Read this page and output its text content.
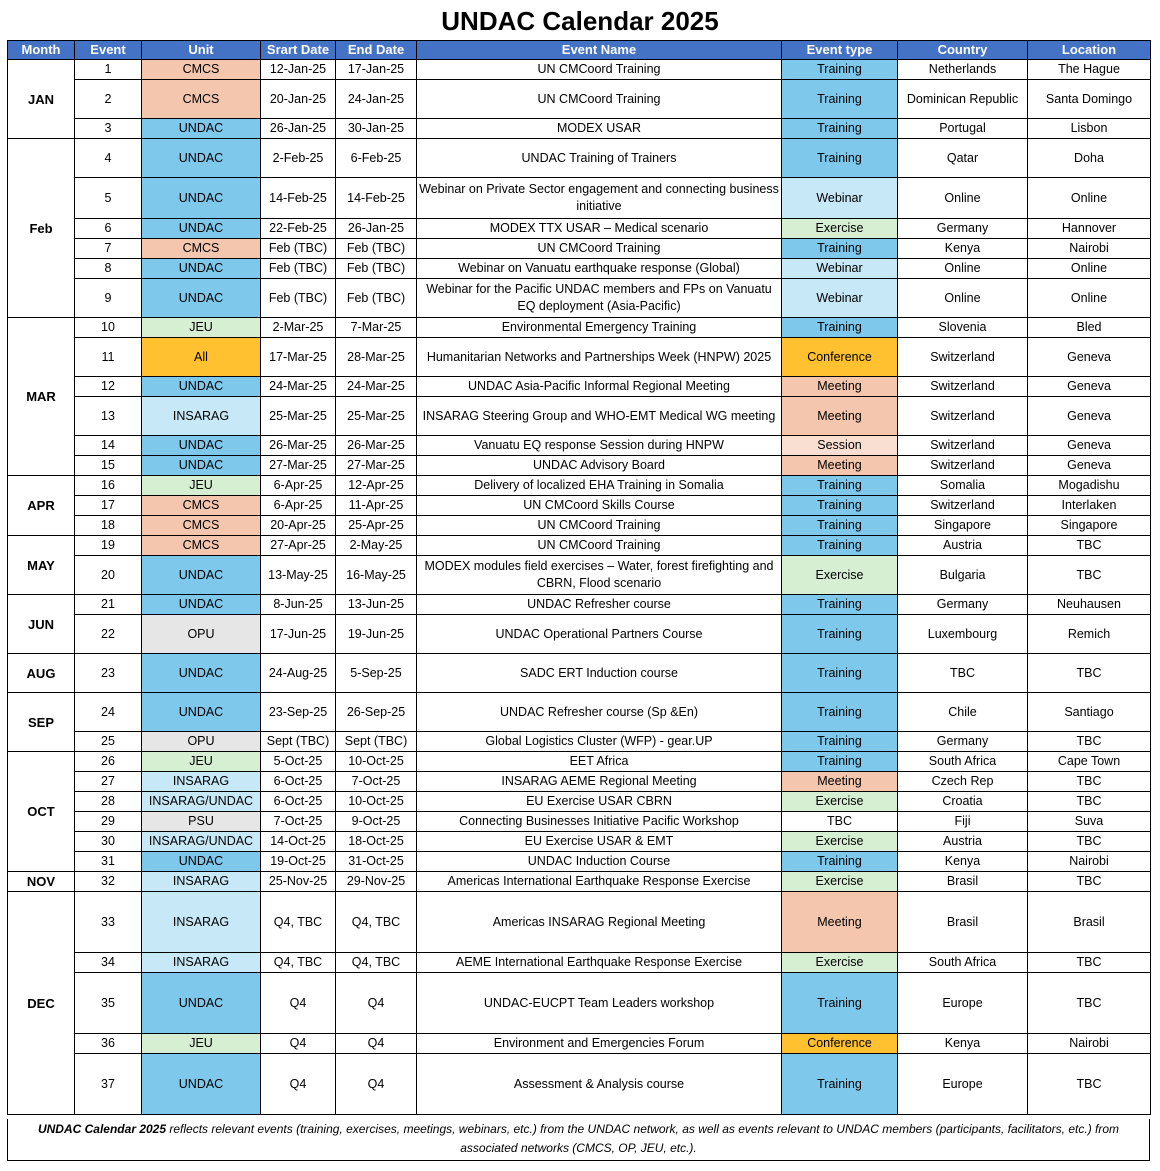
UNDAC Calendar 2025
Month	Event	Unit	Srart Date	End Date	Event Name	Event type	Country	Location
JAN	1	CMCS	12-Jan-25	17-Jan-25	UN CMCoord Training	Training	Netherlands	The Hague
	2	CMCS	20-Jan-25	24-Jan-25	UN CMCoord Training	Training	Dominican Republic	Santa Domingo
	3	UNDAC	26-Jan-25	30-Jan-25	MODEX USAR	Training	Portugal	Lisbon
Feb	4	UNDAC	2-Feb-25	6-Feb-25	UNDAC Training of Trainers	Training	Qatar	Doha
	5	UNDAC	14-Feb-25	14-Feb-25	Webinar on Private Sector engagement and connecting business initiative	Webinar	Online	Online
	6	UNDAC	22-Feb-25	26-Jan-25	MODEX TTX USAR – Medical scenario	Exercise	Germany	Hannover
	7	CMCS	Feb (TBC)	Feb (TBC)	UN CMCoord Training	Training	Kenya	Nairobi
	8	UNDAC	Feb (TBC)	Feb (TBC)	Webinar on Vanuatu earthquake response (Global)	Webinar	Online	Online
	9	UNDAC	Feb (TBC)	Feb (TBC)	Webinar for the Pacific UNDAC members and FPs on Vanuatu EQ deployment (Asia-Pacific)	Webinar	Online	Online
MAR	10	JEU	2-Mar-25	7-Mar-25	Environmental Emergency Training	Training	Slovenia	Bled
	11	All	17-Mar-25	28-Mar-25	Humanitarian Networks and Partnerships Week (HNPW) 2025	Conference	Switzerland	Geneva
	12	UNDAC	24-Mar-25	24-Mar-25	UNDAC Asia-Pacific Informal Regional Meeting	Meeting	Switzerland	Geneva
	13	INSARAG	25-Mar-25	25-Mar-25	INSARAG Steering Group and WHO-EMT Medical WG meeting	Meeting	Switzerland	Geneva
	14	UNDAC	26-Mar-25	26-Mar-25	Vanuatu EQ response Session during HNPW	Session	Switzerland	Geneva
	15	UNDAC	27-Mar-25	27-Mar-25	UNDAC Advisory Board	Meeting	Switzerland	Geneva
APR	16	JEU	6-Apr-25	12-Apr-25	Delivery of localized EHA Training in Somalia	Training	Somalia	Mogadishu
	17	CMCS	6-Apr-25	11-Apr-25	UN CMCoord Skills Course	Training	Switzerland	Interlaken
	18	CMCS	20-Apr-25	25-Apr-25	UN CMCoord Training	Training	Singapore	Singapore
MAY	19	CMCS	27-Apr-25	2-May-25	UN CMCoord Training	Training	Austria	TBC
	20	UNDAC	13-May-25	16-May-25	MODEX modules field exercises – Water, forest firefighting and CBRN, Flood scenario	Exercise	Bulgaria	TBC
JUN	21	UNDAC	8-Jun-25	13-Jun-25	UNDAC Refresher course	Training	Germany	Neuhausen
	22	OPU	17-Jun-25	19-Jun-25	UNDAC Operational Partners Course	Training	Luxembourg	Remich
AUG	23	UNDAC	24-Aug-25	5-Sep-25	SADC ERT Induction course	Training	TBC	TBC
SEP	24	UNDAC	23-Sep-25	26-Sep-25	UNDAC Refresher course (Sp &En)	Training	Chile	Santiago
	25	OPU	Sept (TBC)	Sept (TBC)	Global Logistics Cluster (WFP) - gear.UP	Training	Germany	TBC
OCT	26	JEU	5-Oct-25	10-Oct-25	EET Africa	Training	South Africa	Cape Town
	27	INSARAG	6-Oct-25	7-Oct-25	INSARAG AEME Regional Meeting	Meeting	Czech Rep	TBC
	28	INSARAG/UNDAC	6-Oct-25	10-Oct-25	EU Exercise USAR CBRN	Exercise	Croatia	TBC
	29	PSU	7-Oct-25	9-Oct-25	Connecting Businesses Initiative Pacific Workshop	TBC	Fiji	Suva
	30	INSARAG/UNDAC	14-Oct-25	18-Oct-25	EU Exercise USAR & EMT	Exercise	Austria	TBC
	31	UNDAC	19-Oct-25	31-Oct-25	UNDAC Induction Course	Training	Kenya	Nairobi
NOV	32	INSARAG	25-Nov-25	29-Nov-25	Americas International Earthquake Response Exercise	Exercise	Brasil	TBC
DEC	33	INSARAG	Q4, TBC	Q4, TBC	Americas INSARAG Regional Meeting	Meeting	Brasil	Brasil
	34	INSARAG	Q4, TBC	Q4, TBC	AEME International Earthquake Response Exercise	Exercise	South Africa	TBC
	35	UNDAC	Q4	Q4	UNDAC-EUCPT Team Leaders workshop	Training	Europe	TBC
	36	JEU	Q4	Q4	Environment and Emergencies Forum	Conference	Kenya	Nairobi
	37	UNDAC	Q4	Q4	Assessment & Analysis course	Training	Europe	TBC
UNDAC Calendar 2025 reflects relevant events (training, exercises, meetings, webinars, etc.) from the UNDAC network, as well as events relevant to UNDAC members (participants, facilitators, etc.) from associated networks (CMCS, OP, JEU, etc.).
